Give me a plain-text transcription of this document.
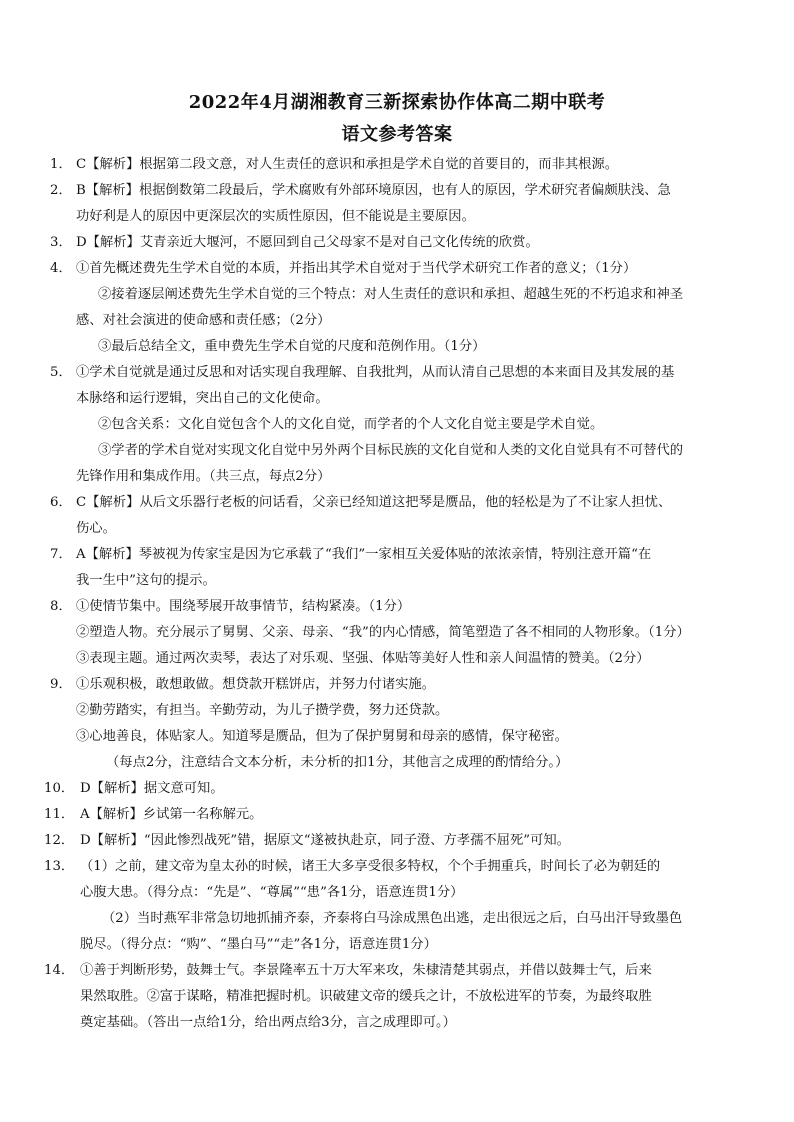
2022年4月湖湘教育三新探索协作体高二期中联考
语文参考答案
1． C【解析】根据第二段文意，对人生责任的意识和承担是学术自觉的首要目的，而非其根源。
2． B【解析】根据倒数第二段最后，学术腐败有外部环境原因，也有人的原因，学术研究者偏颇肤浅、急
功好利是人的原因中更深层次的实质性原因，但不能说是主要原因。
3． D【解析】艾青亲近大堰河，不愿回到自己父母家不是对自己文化传统的欣赏。
4． ①首先概述费先生学术自觉的本质，并指出其学术自觉对于当代学术研究工作者的意义；（1分）
②接着逐层阐述费先生学术自觉的三个特点：对人生责任的意识和承担、超越生死的不朽追求和神圣
感、对社会演进的使命感和责任感；（2分）
③最后总结全文，重申费先生学术自觉的尺度和范例作用。（1分）
5． ①学术自觉就是通过反思和对话实现自我理解、自我批判，从而认清自己思想的本来面目及其发展的基
本脉络和运行逻辑，突出自己的文化使命。
②包含关系：文化自觉包含个人的文化自觉，而学者的个人文化自觉主要是学术自觉。
③学者的学术自觉对实现文化自觉中另外两个目标民族的文化自觉和人类的文化自觉具有不可替代的
先锋作用和集成作用。（共三点，每点2分）
6． C【解析】从后文乐器行老板的问话看，父亲已经知道这把琴是赝品，他的轻松是为了不让家人担忧、
伤心。
7． A【解析】琴被视为传家宝是因为它承载了“我们”一家相互关爱体贴的浓浓亲情，特别注意开篇“在
我一生中”这句的提示。
8． ①使情节集中。围绕琴展开故事情节，结构紧凑。（1分）
②塑造人物。充分展示了舅舅、父亲、母亲、“我”的内心情感，简笔塑造了各不相同的人物形象。（1分）
③表现主题。通过两次卖琴，表达了对乐观、坚强、体贴等美好人性和亲人间温情的赞美。（2分）
9． ①乐观积极，敢想敢做。想贷款开糕饼店，并努力付诸实施。
②勤劳踏实，有担当。辛勤劳动，为儿子攒学费，努力还贷款。
③心地善良，体贴家人。知道琴是赝品，但为了保护舅舅和母亲的感情，保守秘密。
（每点2分，注意结合文本分析，未分析的扣1分，其他言之成理的酌情给分。）
10． D【解析】据文意可知。
11． A【解析】乡试第一名称解元。
12． D【解析】“因此惨烈战死”错，据原文“遂被执赴京，同子澄、方孝孺不屈死”可知。
13． （1）之前，建文帝为皇太孙的时候，诸王大多享受很多特权，个个手拥重兵，时间长了必为朝廷的
心腹大患。（得分点：“先是”、“尊属”“患”各1分，语意连贯1分）
（2）当时燕军非常急切地抓捕齐泰，齐泰将白马涂成黑色出逃，走出很远之后，白马出汗导致墨色
脱尽。（得分点：“购”、“墨白马”“走”各1分，语意连贯1分）
14． ①善于判断形势，鼓舞士气。李景隆率五十万大军来攻，朱棣清楚其弱点，并借以鼓舞士气，后来
果然取胜。②富于谋略，精准把握时机。识破建文帝的缓兵之计，不放松进军的节奏，为最终取胜
奠定基础。（答出一点给1分，给出两点给3分，言之成理即可。）
